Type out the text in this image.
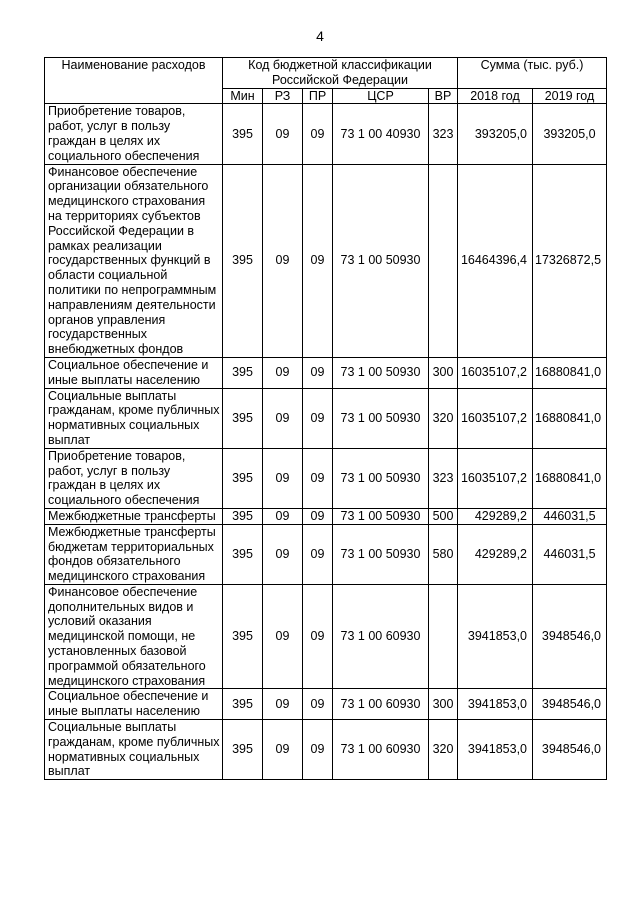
4
Наименование расходов	Код бюджетной классификации Российской Федерации					Сумма (тыс. руб.)	
	Мин	РЗ	ПР	ЦСР	ВР	2018 год	2019 год
Приобретение товаров, работ, услуг в пользу граждан в целях их социального обеспечения	395	09	09	73 1 00 40930	323	393205,0	393205,0
Финансовое обеспечение организации обязательного медицинского страхования на территориях субъектов Российской Федерации в рамках реализации государственных функций в области социальной политики по непрограммным направлениям деятельности органов управления государственных внебюджетных фондов	395	09	09	73 1 00 50930		16464396,4	17326872,5
Социальное обеспечение и иные выплаты населению	395	09	09	73 1 00 50930	300	16035107,2	16880841,0
Социальные выплаты гражданам, кроме публичных нормативных социальных выплат	395	09	09	73 1 00 50930	320	16035107,2	16880841,0
Приобретение товаров, работ, услуг в пользу граждан в целях их социального обеспечения	395	09	09	73 1 00 50930	323	16035107,2	16880841,0
Межбюджетные трансферты	395	09	09	73 1 00 50930	500	429289,2	446031,5
Межбюджетные трансферты бюджетам территориальных фондов обязательного медицинского страхования	395	09	09	73 1 00 50930	580	429289,2	446031,5
Финансовое обеспечение дополнительных видов и условий оказания медицинской помощи, не установленных базовой программой обязательного медицинского страхования	395	09	09	73 1 00 60930		3941853,0	3948546,0
Социальное обеспечение и иные выплаты населению	395	09	09	73 1 00 60930	300	3941853,0	3948546,0
Социальные выплаты гражданам, кроме публичных нормативных социальных выплат	395	09	09	73 1 00 60930	320	3941853,0	3948546,0
